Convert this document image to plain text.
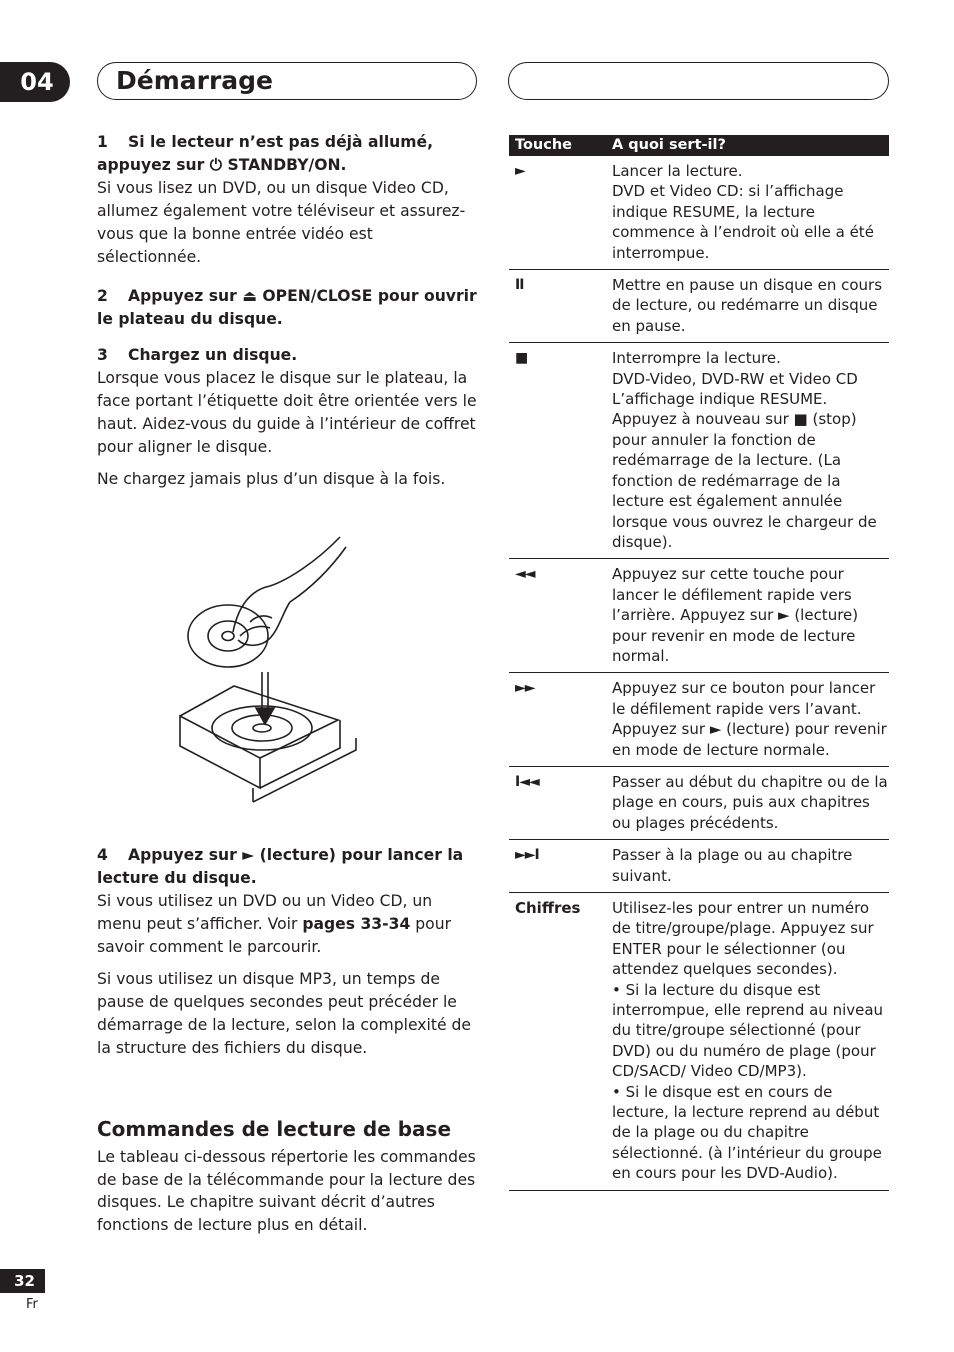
04	Démarrage

1 Si le lecteur n’est pas déjà allumé, appuyez sur ⏻ STANDBY/ON.

Si vous lisez un DVD, ou un disque Video CD, allumez également votre téléviseur et assurez-vous que la bonne entrée vidéo est sélectionnée.

2 Appuyez sur ⏏ OPEN/CLOSE pour ouvrir le plateau du disque.

3 Chargez un disque.

Lorsque vous placez le disque sur le plateau, la face portant l’étiquette doit être orientée vers le haut. Aidez-vous du guide à l’intérieur de coffret pour aligner le disque.

Ne chargez jamais plus d’un disque à la fois.

4 Appuyez sur ► (lecture) pour lancer la lecture du disque.

Si vous utilisez un DVD ou un Video CD, un menu peut s’afficher. Voir pages 33-34 pour savoir comment le parcourir.

Si vous utilisez un disque MP3, un temps de pause de quelques secondes peut précéder le démarrage de la lecture, selon la complexité de la structure des fichiers du disque.

Commandes de lecture de base
Le tableau ci-dessous répertorie les commandes de base de la télécommande pour la lecture des disques. Le chapitre suivant décrit d’autres fonctions de lecture plus en détail.
Touche	A quoi sert-il?
►	Lancer la lecture.
DVD et Video CD: si l’affichage indique RESUME, la lecture commence à l’endroit où elle a été interrompue.
II	Mettre en pause un disque en cours de lecture, ou redémarre un disque en pause.
■	Interrompre la lecture.
DVD-Video, DVD-RW et Video CD L’affichage indique RESUME. Appuyez à nouveau sur ■ (stop) pour annuler la fonction de redémarrage de la lecture. (La fonction de redémarrage de la lecture est également annulée lorsque vous ouvrez le chargeur de disque).
◄◄	Appuyez sur cette touche pour lancer le défilement rapide vers l’arrière. Appuyez sur ► (lecture) pour revenir en mode de lecture normal.
►►	Appuyez sur ce bouton pour lancer le défilement rapide vers l’avant. Appuyez sur ► (lecture) pour revenir en mode de lecture normale.
I◄◄	Passer au début du chapitre ou de la plage en cours, puis aux chapitres ou plages précédents.
►►I	Passer à la plage ou au chapitre suivant.
Chiffres	Utilisez-les pour entrer un numéro de titre/groupe/plage. Appuyez sur ENTER pour le sélectionner (ou attendez quelques secondes).
• Si la lecture du disque est interrompue, elle reprend au niveau du titre/groupe sélectionné (pour DVD) ou du numéro de plage (pour CD/SACD/ Video CD/MP3).
• Si le disque est en cours de lecture, la lecture reprend au début de la plage ou du chapitre sélectionné. (à l’intérieur du groupe en cours pour les DVD-Audio).
32
Fr
